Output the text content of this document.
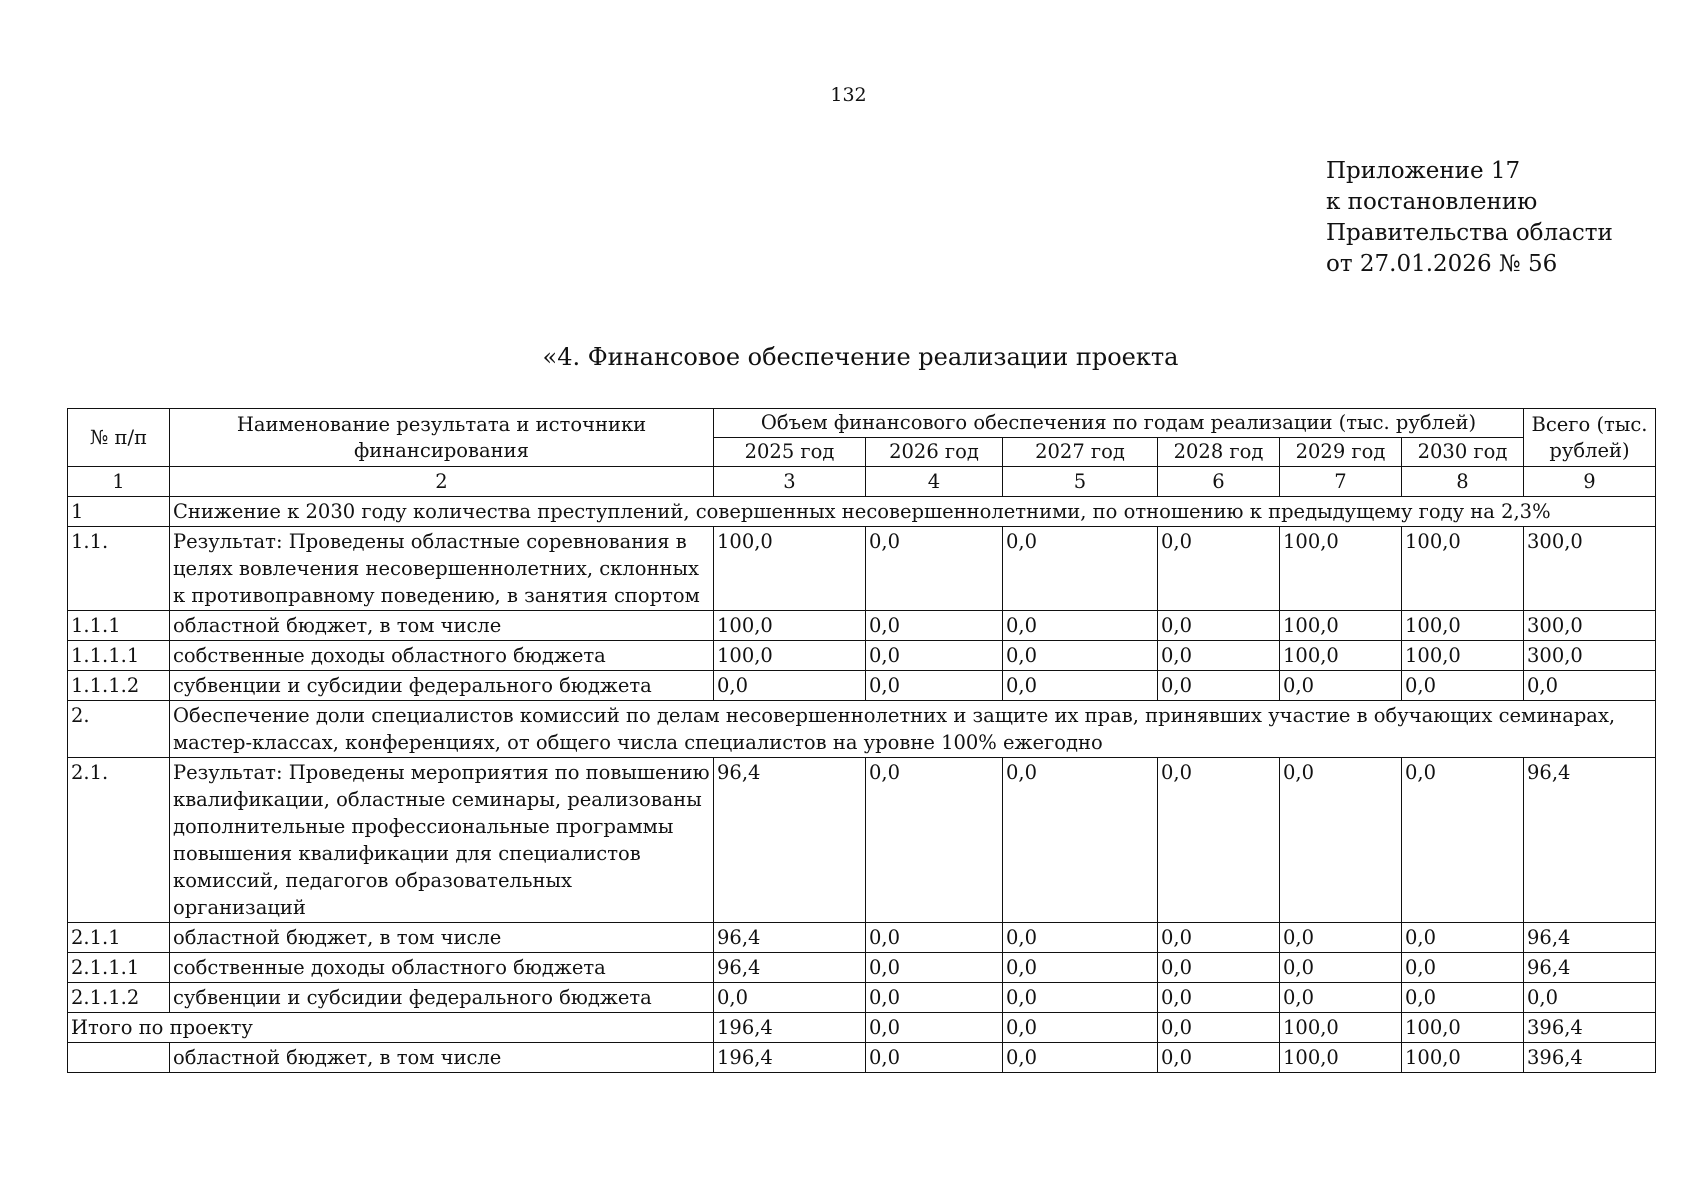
132
Приложение 17
к постановлению
Правительства области
от 27.01.2026 № 56
«4. Финансовое обеспечение реализации проекта
№ п/п	Наименование результата и источники финансирования	Объем финансового обеспечения по годам реализации (тыс. рублей)						Всего (тыс. рублей)
		2025 год	2026 год	2027 год	2028 год	2029 год	2030 год	
1	2	3	4	5	6	7	8	9
1	Снижение к 2030 году количества преступлений, совершенных несовершеннолетними, по отношению к предыдущему году на 2,3%							
1.1.	Результат: Проведены областные соревнования в целях вовлечения несовершеннолетних, склонных к противоправному поведению, в занятия спортом	100,0	0,0	0,0	0,0	100,0	100,0	300,0
1.1.1	областной бюджет, в том числе	100,0	0,0	0,0	0,0	100,0	100,0	300,0
1.1.1.1	собственные доходы областного бюджета	100,0	0,0	0,0	0,0	100,0	100,0	300,0
1.1.1.2	субвенции и субсидии федерального бюджета	0,0	0,0	0,0	0,0	0,0	0,0	0,0
2.	Обеспечение доли специалистов комиссий по делам несовершеннолетних и защите их прав, принявших участие в обучающих семинарах, мастер-классах, конференциях, от общего числа специалистов на уровне 100% ежегодно							
2.1.	Результат: Проведены мероприятия по повышению квалификации, областные семинары, реализованы дополнительные профессиональные программы повышения квалификации для специалистов комиссий, педагогов образовательных организаций	96,4	0,0	0,0	0,0	0,0	0,0	96,4
2.1.1	областной бюджет, в том числе	96,4	0,0	0,0	0,0	0,0	0,0	96,4
2.1.1.1	собственные доходы областного бюджета	96,4	0,0	0,0	0,0	0,0	0,0	96,4
2.1.1.2	субвенции и субсидии федерального бюджета	0,0	0,0	0,0	0,0	0,0	0,0	0,0
Итого по проекту		196,4	0,0	0,0	0,0	100,0	100,0	396,4
	областной бюджет, в том числе	196,4	0,0	0,0	0,0	100,0	100,0	396,4
